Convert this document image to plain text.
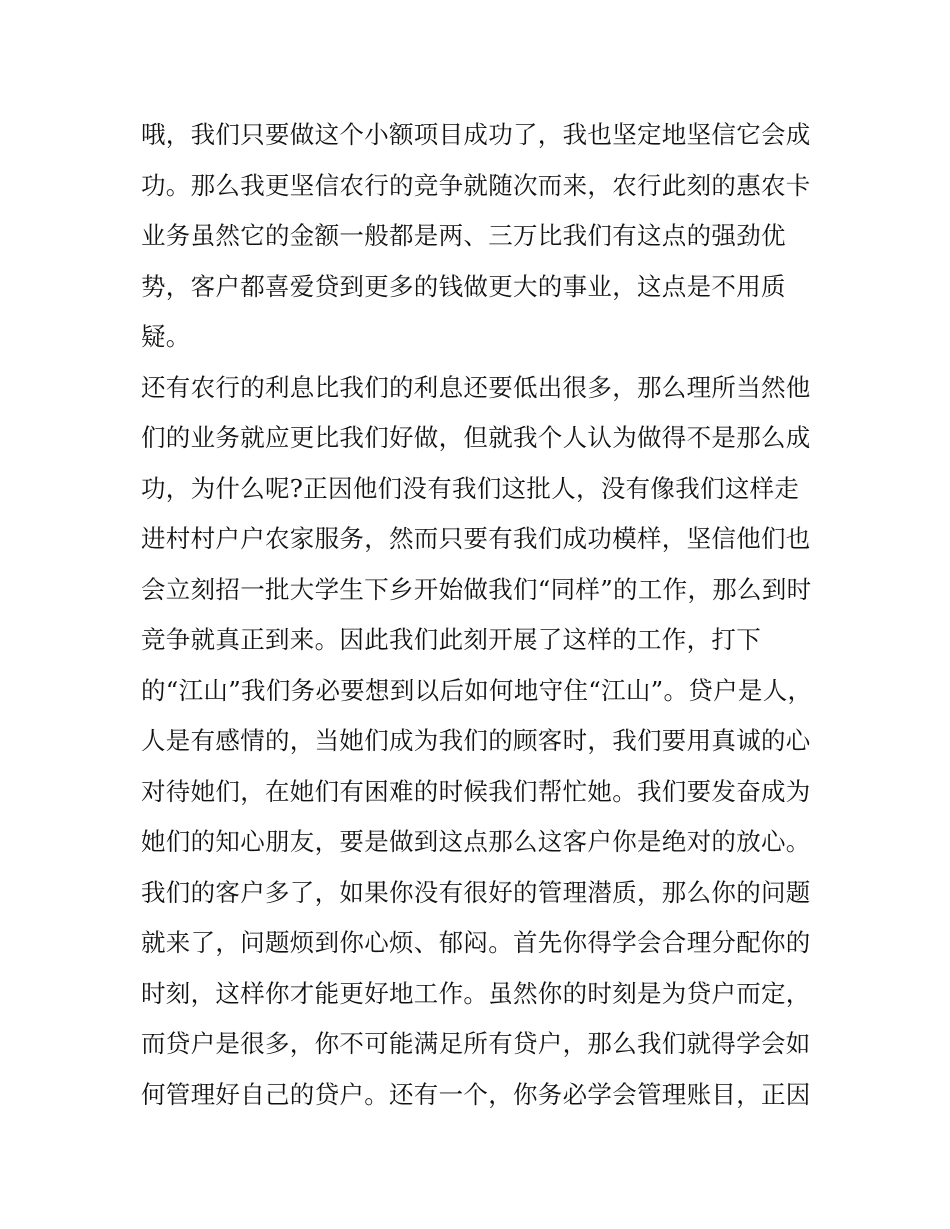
哦，我们只要做这个小额项目成功了，我也坚定地坚信它会成
功。那么我更坚信农行的竞争就随次而来，农行此刻的惠农卡
业务虽然它的金额一般都是两、三万比我们有这点的强劲优
势，客户都喜爱贷到更多的钱做更大的事业，这点是不用质
疑。
还有农行的利息比我们的利息还要低出很多，那么理所当然他
们的业务就应更比我们好做，但就我个人认为做得不是那么成
功，为什么呢?正因他们没有我们这批人，没有像我们这样走
进村村户户农家服务，然而只要有我们成功模样，坚信他们也
会立刻招一批大学生下乡开始做我们“同样”的工作，那么到时
竞争就真正到来。因此我们此刻开展了这样的工作，打下
的“江山”我们务必要想到以后如何地守住“江山”。贷户是人，
人是有感情的，当她们成为我们的顾客时，我们要用真诚的心
对待她们，在她们有困难的时候我们帮忙她。我们要发奋成为
她们的知心朋友，要是做到这点那么这客户你是绝对的放心。
我们的客户多了，如果你没有很好的管理潜质，那么你的问题
就来了，问题烦到你心烦、郁闷。首先你得学会合理分配你的
时刻，这样你才能更好地工作。虽然你的时刻是为贷户而定，
而贷户是很多，你不可能满足所有贷户，那么我们就得学会如
何管理好自己的贷户。还有一个，你务必学会管理账目，正因
